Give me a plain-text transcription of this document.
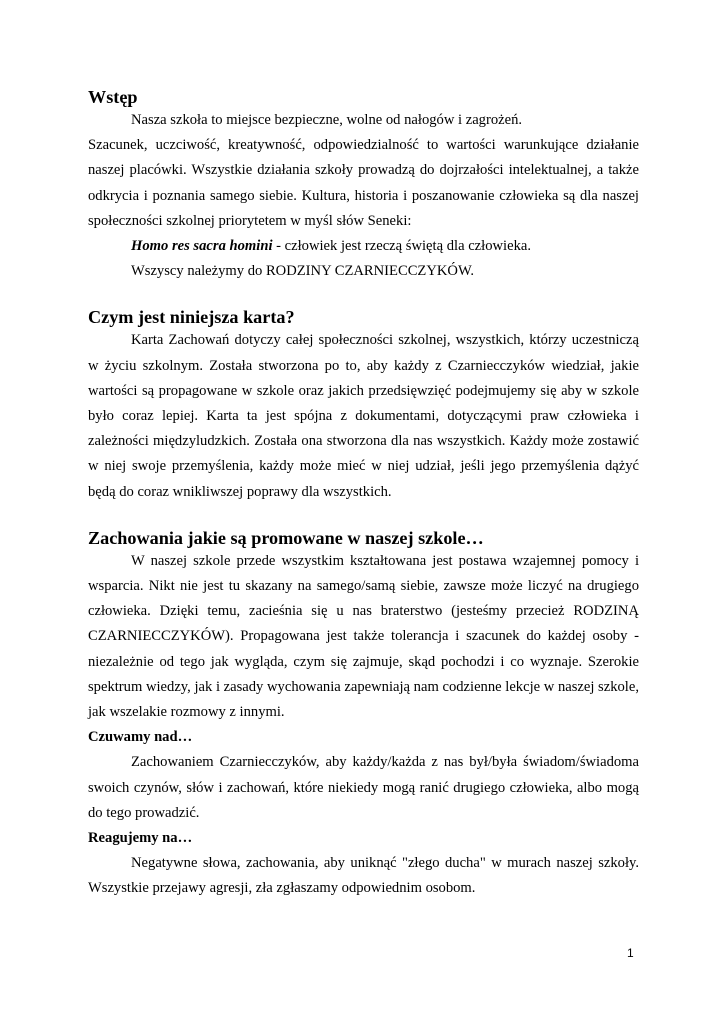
Wstęp

Nasza szkoła to miejsce bezpieczne, wolne od nałogów i zagrożeń.

Szacunek, uczciwość, kreatywność, odpowiedzialność to wartości warunkujące działanie naszej placówki. Wszystkie działania szkoły prowadzą do dojrzałości intelektualnej, a także odkrycia i poznania samego siebie. Kultura, historia i poszanowanie człowieka są dla naszej społeczności szkolnej priorytetem w myśl słów Seneki:

Homo res sacra homini - człowiek jest rzeczą świętą dla człowieka.

Wszyscy należymy do RODZINY CZARNIECCZYKÓW.

Czym jest niniejsza karta?

Karta Zachowań dotyczy całej społeczności szkolnej, wszystkich, którzy uczestniczą w życiu szkolnym. Została stworzona po to, aby każdy z Czarniecczyków wiedział, jakie wartości są propagowane w szkole oraz jakich przedsięwzięć podejmujemy się aby w szkole było coraz lepiej. Karta ta jest spójna z dokumentami, dotyczącymi praw człowieka i zależności międzyludzkich. Została ona stworzona dla nas wszystkich. Każdy może zostawić w niej swoje przemyślenia, każdy może mieć w niej udział, jeśli jego przemyślenia dążyć będą do coraz wnikliwszej poprawy dla wszystkich.

Zachowania jakie są promowane w naszej szkole…

W naszej szkole przede wszystkim kształtowana jest postawa wzajemnej pomocy i wsparcia. Nikt nie jest tu skazany na samego/samą siebie, zawsze może liczyć na drugiego człowieka. Dzięki temu, zacieśnia się u nas braterstwo (jesteśmy przecież RODZINĄ CZARNIECCZYKÓW). Propagowana jest także tolerancja i szacunek do każdej osoby - niezależnie od tego jak wygląda, czym się zajmuje, skąd pochodzi i co wyznaje. Szerokie spektrum wiedzy, jak i zasady wychowania zapewniają nam codzienne lekcje w naszej szkole, jak wszelakie rozmowy z innymi.

Czuwamy nad…

Zachowaniem Czarniecczyków, aby każdy/każda z nas był/była świadom/świadoma swoich czynów, słów i zachowań, które niekiedy mogą ranić drugiego człowieka, albo mogą do tego prowadzić.

Reagujemy na…

Negatywne słowa, zachowania, aby uniknąć "złego ducha" w murach naszej szkoły. Wszystkie przejawy agresji, zła zgłaszamy odpowiednim osobom.

1
